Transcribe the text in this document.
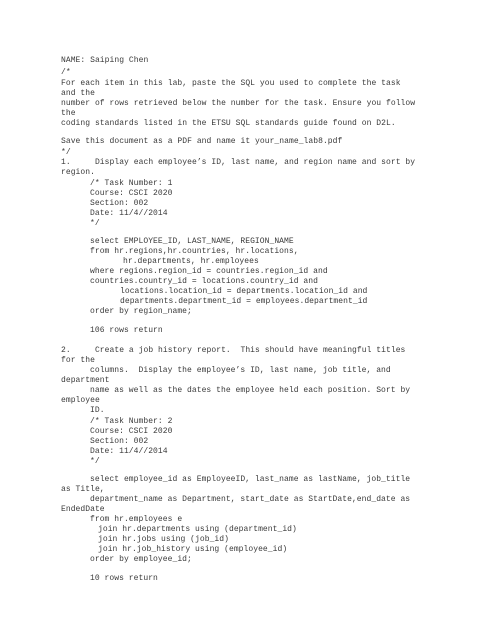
NAME: Saiping Chen
/*
For each item in this lab, paste the SQL you used to complete the task
and the
number of rows retrieved below the number for the task. Ensure you follow
the
coding standards listed in the ETSU SQL standards guide found on D2L.
Save this document as a PDF and name it your_name_lab8.pdf
*/
1.     Display each employee’s ID, last name, and region name and sort by
region.
/* Task Number: 1
Course: CSCI 2020
Section: 002
Date: 11/4//2014
*/
select EMPLOYEE_ID, LAST_NAME, REGION_NAME
from hr.regions,hr.countries, hr.locations,
hr.departments, hr.employees
where regions.region_id = countries.region_id and
countries.country_id = locations.country_id and
locations.location_id = departments.location_id and
departments.department_id = employees.department_id
order by region_name;
106 rows return
2.     Create a job history report.  This should have meaningful titles
for the
columns.  Display the employee’s ID, last name, job title, and
department
name as well as the dates the employee held each position. Sort by
employee
ID.
/* Task Number: 2
Course: CSCI 2020
Section: 002
Date: 11/4//2014
*/
select employee_id as EmployeeID, last_name as lastName, job_title
as Title,
department_name as Department, start_date as StartDate,end_date as
EndedDate
from hr.employees e
join hr.departments using (department_id)
join hr.jobs using (job_id)
join hr.job_history using (employee_id)
order by employee_id;
10 rows return
